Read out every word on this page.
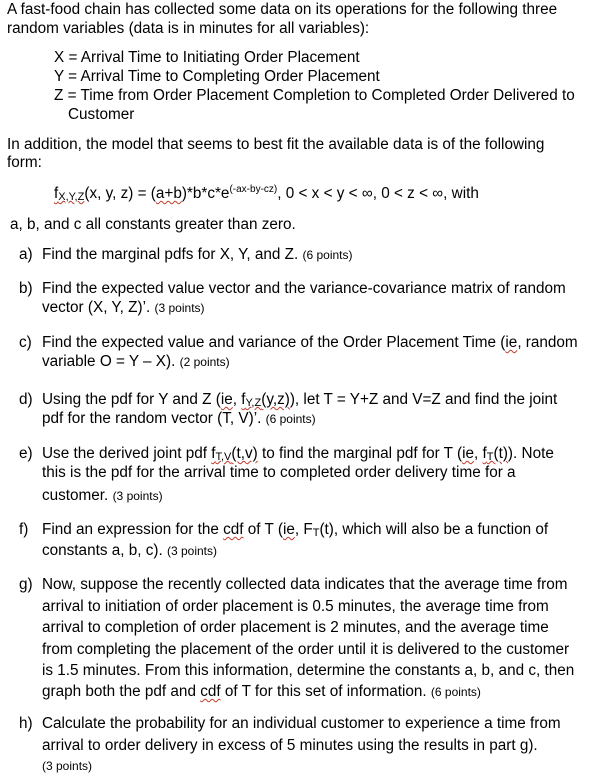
A fast-food chain has collected some data on its operations for the following three
random variables (data is in minutes for all variables):
X = Arrival Time to Initiating Order Placement
Y = Arrival Time to Completing Order Placement
Z = Time from Order Placement Completion to Completed Order Delivered to
Customer
In addition, the model that seems to best fit the available data is of the following
form:
$f_{X,Y,Z}(x$, y, $z) = (a+b)*b*c*e^{(-ax-by-cz)}$, 0 < x < y < ∞, 0 < z < ∞, with
a, b, and c all constants greater than zero.
a) Find the marginal pdfs for X, Y, and Z. (6 points)
b) Find the expected value vector and the variance-covariance matrix of random
vector (X, Y, Z)’. (3 points)
c) Find the expected value and variance of the Order Placement Time (ie, random
variable O = Y – X). (2 points)
d) Using the pdf for Y and Z (ie, $f_{Y,Z}(y,z)$), let T = Y+Z and V=Z and find the joint
pdf for the random vector (T, V)’. (6 points)
e) Use the derived joint pdf $f_{T,V}(t,v)$ to find the marginal pdf for T (ie, $f_T(t)$). Note
this is the pdf for the arrival time to completed order delivery time for a
customer. (3 points)
f) Find an expression for the cdf of T (ie, $F_T(t)$, which will also be a function of
constants a, b, c). (3 points)
g) Now, suppose the recently collected data indicates that the average time from
arrival to initiation of order placement is 0.5 minutes, the average time from
arrival to completion of order placement is 2 minutes, and the average time
from completing the placement of the order until it is delivered to the customer
is 1.5 minutes. From this information, determine the constants a, b, and c, then
graph both the pdf and cdf of T for this set of information. (6 points)
h) Calculate the probability for an individual customer to experience a time from
arrival to order delivery in excess of 5 minutes using the results in part g).
(3 points)
